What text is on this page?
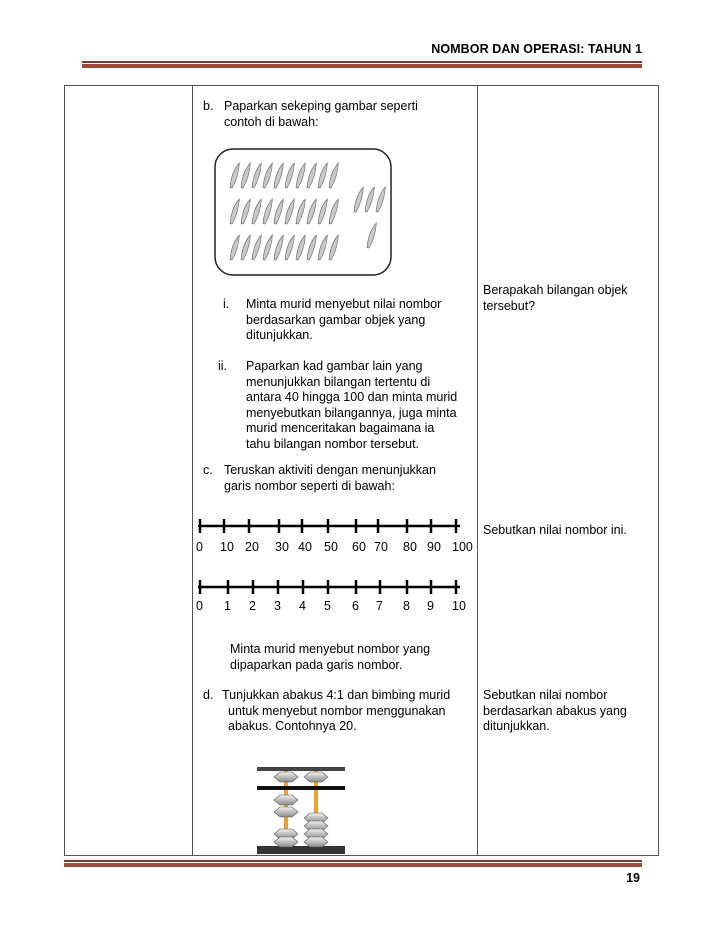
NOMBOR DAN OPERASI: TAHUN 1
b. Paparkan sekeping gambar seperti
contoh di bawah:
i. Minta murid menyebut nilai nombor
berdasarkan gambar objek yang
ditunjukkan.
ii. Paparkan kad gambar lain yang
menunjukkan bilangan tertentu di
antara 40 hingga 100 dan minta murid
menyebutkan bilangannya, juga minta
murid menceritakan bagaimana ia
tahu bilangan nombor tersebut.
Berapakah bilangan objek
tersebut?
c. Teruskan aktiviti dengan menunjukkan
garis nombor seperti di bawah:
0 10 20 30 40 50 60 70 80 90 100
0 1 2 3 4 5 6 7 8 9 10
Minta murid menyebut nombor yang
dipaparkan pada garis nombor.
Sebutkan nilai nombor ini.
d. Tunjukkan abakus 4:1 dan bimbing murid
untuk menyebut nombor menggunakan
abakus. Contohnya 20.
Sebutkan nilai nombor
berdasarkan abakus yang
ditunjukkan.
19
